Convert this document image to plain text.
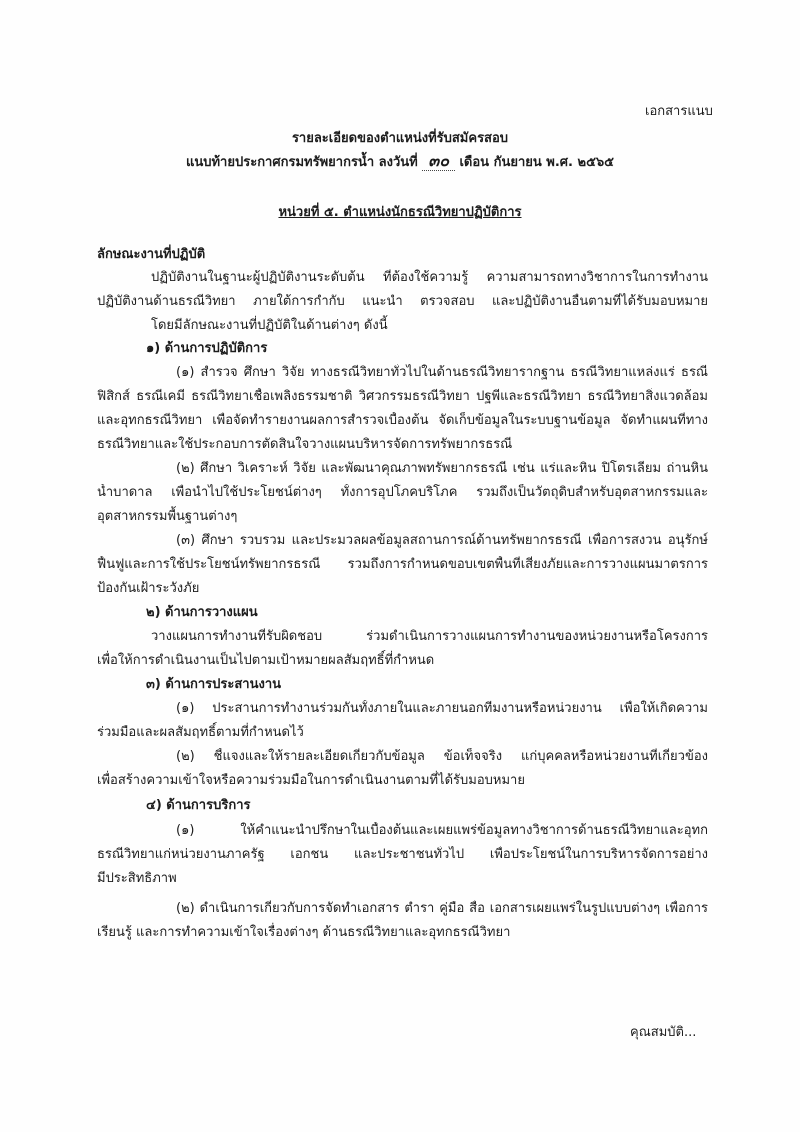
เอกสารแนบ
รายละเอียดของตำแหน่งที่รับสมัครสอบ
แนบท้ายประกาศกรมทรัพยากรน้ำ ลงวันที่ ๓๐ เดือน กันยายน พ.ศ. ๒๕๖๕
หน่วยที่ ๕. ตำแหน่งนักธรณีวิทยาปฏิบัติการ
ลักษณะงานที่ปฏิบัติ
ปฏิบัติงานในฐานะผู้ปฏิบัติงานระดับต้น ที่ต้องใช้ความรู้ ความสามารถทางวิชาการในการทำงาน
ปฏิบัติงานด้านธรณีวิทยา ภายใต้การกำกับ แนะนำ ตรวจสอบ และปฏิบัติงานอื่นตามที่ได้รับมอบหมาย
โดยมีลักษณะงานที่ปฏิบัติในด้านต่างๆ ดังนี้
๑) ด้านการปฏิบัติการ
(๑) สำรวจ ศึกษา วิจัย ทางธรณีวิทยาทั่วไปในด้านธรณีวิทยารากฐาน ธรณีวิทยาแหล่งแร่ ธรณี
ฟิสิกส์ ธรณีเคมี ธรณีวิทยาเชื้อเพลิงธรรมชาติ วิศวกรรมธรณีวิทยา ปฐพีและธรณีวิทยา ธรณีวิทยาสิ่งแวดล้อม
และอุทกธรณีวิทยา เพื่อจัดทำรายงานผลการสำรวจเบื้องต้น จัดเก็บข้อมูลในระบบฐานข้อมูล จัดทำแผนที่ทาง
ธรณีวิทยาและใช้ประกอบการตัดสินใจวางแผนบริหารจัดการทรัพยากรธรณี
(๒) ศึกษา วิเคราะห์ วิจัย และพัฒนาคุณภาพทรัพยากรธรณี เช่น แร่และหิน ปิโตรเลียม ถ่านหิน
น้ำบาดาล เพื่อนำไปใช้ประโยชน์ต่างๆ ทั้งการอุปโภคบริโภค รวมถึงเป็นวัตถุดิบสำหรับอุตสาหกรรมและ
อุตสาหกรรมพื้นฐานต่างๆ
(๓) ศึกษา รวบรวม และประมวลผลข้อมูลสถานการณ์ด้านทรัพยากรธรณี เพื่อการสงวน อนุรักษ์
ฟื้นฟูและการใช้ประโยชน์ทรัพยากรธรณี รวมถึงการกำหนดขอบเขตพื้นที่เสี่ยงภัยและการวางแผนมาตรการ
ป้องกันเฝ้าระวังภัย
๒) ด้านการวางแผน
วางแผนการทำงานที่รับผิดชอบ ร่วมดำเนินการวางแผนการทำงานของหน่วยงานหรือโครงการ
เพื่อให้การดำเนินงานเป็นไปตามเป้าหมายผลสัมฤทธิ์ที่กำหนด
๓) ด้านการประสานงาน
(๑) ประสานการทำงานร่วมกันทั้งภายในและภายนอกทีมงานหรือหน่วยงาน เพื่อให้เกิดความ
ร่วมมือและผลสัมฤทธิ์ตามที่กำหนดไว้
(๒) ชี้แจงและให้รายละเอียดเกี่ยวกับข้อมูล ข้อเท็จจริง แก่บุคคลหรือหน่วยงานที่เกี่ยวข้อง
เพื่อสร้างความเข้าใจหรือความร่วมมือในการดำเนินงานตามที่ได้รับมอบหมาย
๔) ด้านการบริการ
(๑) ให้คำแนะนำปรึกษาในเบื้องต้นและเผยแพร่ข้อมูลทางวิชาการด้านธรณีวิทยาและอุทก
ธรณีวิทยาแก่หน่วยงานภาครัฐ เอกชน และประชาชนทั่วไป เพื่อประโยชน์ในการบริหารจัดการอย่าง
มีประสิทธิภาพ
(๒) ดำเนินการเกี่ยวกับการจัดทำเอกสาร ตำรา คู่มือ สื่อ เอกสารเผยแพร่ในรูปแบบต่างๆ เพื่อการ
เรียนรู้ และการทำความเข้าใจเรื่องต่างๆ ด้านธรณีวิทยาและอุทกธรณีวิทยา
คุณสมบัติ...
